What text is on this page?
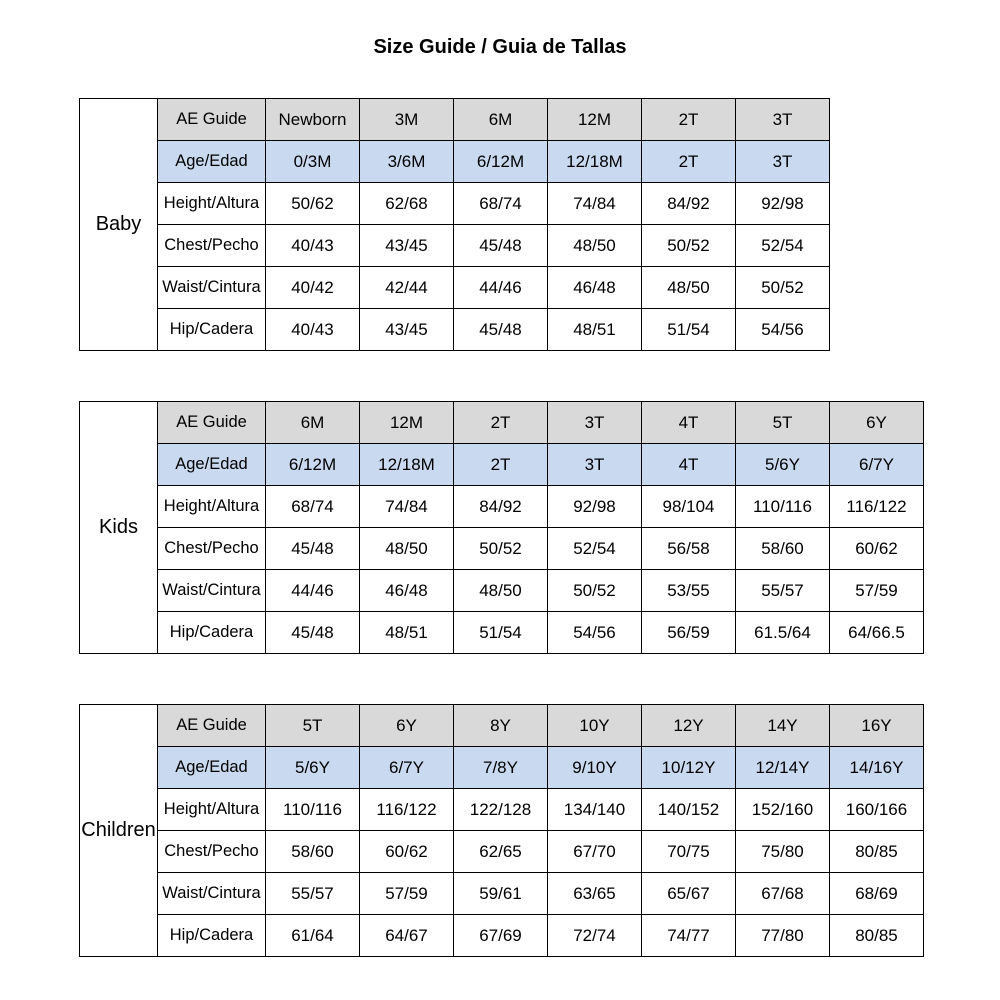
Size Guide / Guia de Tallas
Baby	AE Guide	Newborn	3M	6M	12M	2T	3T
	Age/Edad	0/3M	3/6M	6/12M	12/18M	2T	3T
	Height/Altura	50/62	62/68	68/74	74/84	84/92	92/98
	Chest/Pecho	40/43	43/45	45/48	48/50	50/52	52/54
	Waist/Cintura	40/42	42/44	44/46	46/48	48/50	50/52
	Hip/Cadera	40/43	43/45	45/48	48/51	51/54	54/56
Kids	AE Guide	6M	12M	2T	3T	4T	5T	6Y
	Age/Edad	6/12M	12/18M	2T	3T	4T	5/6Y	6/7Y
	Height/Altura	68/74	74/84	84/92	92/98	98/104	110/116	116/122
	Chest/Pecho	45/48	48/50	50/52	52/54	56/58	58/60	60/62
	Waist/Cintura	44/46	46/48	48/50	50/52	53/55	55/57	57/59
	Hip/Cadera	45/48	48/51	51/54	54/56	56/59	61.5/64	64/66.5
Children	AE Guide	5T	6Y	8Y	10Y	12Y	14Y	16Y
	Age/Edad	5/6Y	6/7Y	7/8Y	9/10Y	10/12Y	12/14Y	14/16Y
	Height/Altura	110/116	116/122	122/128	134/140	140/152	152/160	160/166
	Chest/Pecho	58/60	60/62	62/65	67/70	70/75	75/80	80/85
	Waist/Cintura	55/57	57/59	59/61	63/65	65/67	67/68	68/69
	Hip/Cadera	61/64	64/67	67/69	72/74	74/77	77/80	80/85
